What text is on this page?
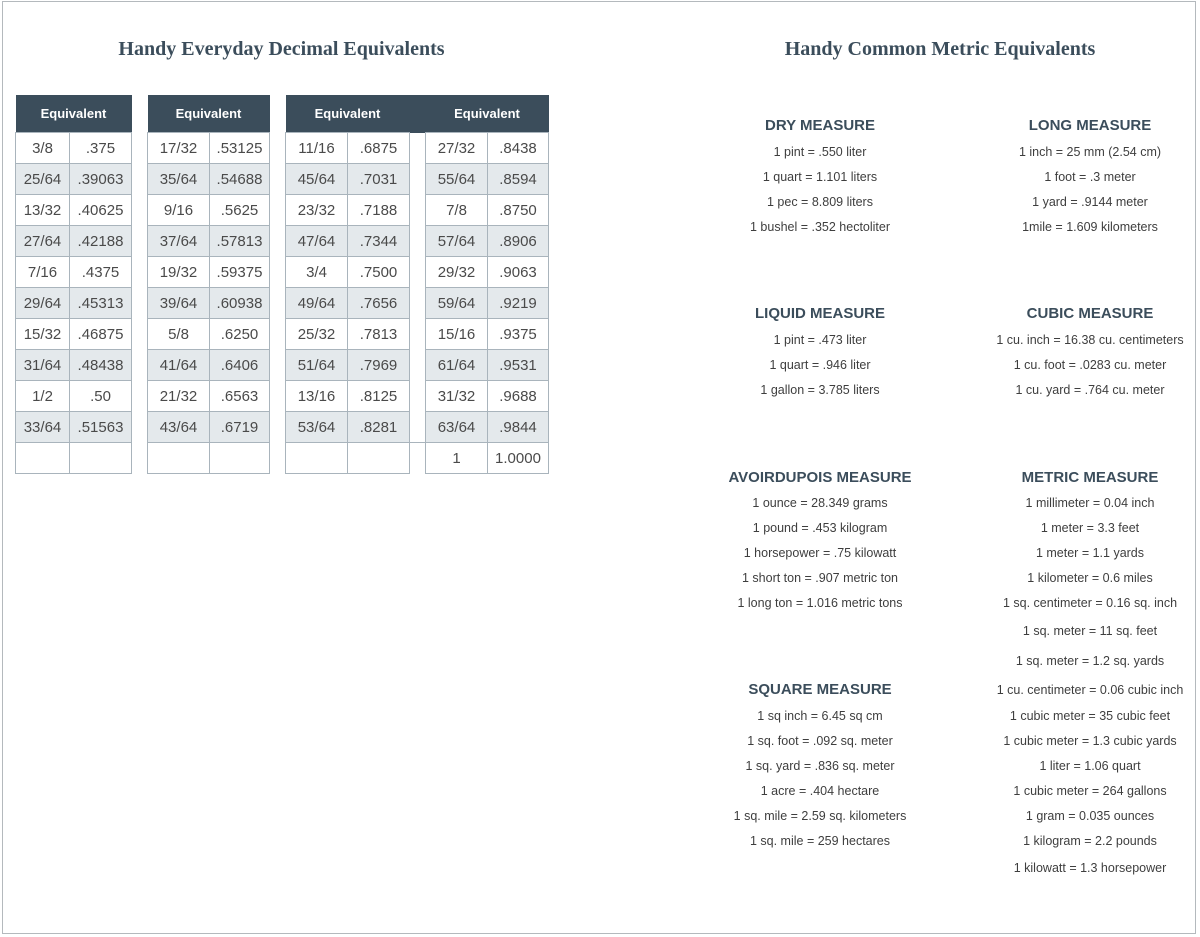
Handy Everyday Decimal Equivalents	Handy Common Metric Equivalents
Equivalent	
3/8	.375
25/64	.39063
13/32	.40625
27/64	.42188
7/16	.4375
29/64	.45313
15/32	.46875
31/64	.48438
1/2	.50
33/64	.51563

Equivalent	
17/32	.53125
35/64	.54688
9/16	.5625
37/64	.57813
19/32	.59375
39/64	.60938
5/8	.6250
41/64	.6406
21/32	.6563
43/64	.6719

Equivalent			Equivalent	
11/16	.6875		27/32	.8438
45/64	.7031		55/64	.8594
23/32	.7188		7/8	.8750
47/64	.7344		57/64	.8906
3/4	.7500		29/32	.9063
49/64	.7656		59/64	.9219
25/32	.7813		15/16	.9375
51/64	.7969		61/64	.9531
13/16	.8125		31/32	.9688
53/64	.8281		63/64	.9844
			1	1.0000
DRY MEASURE

1 pint = .550 liter

1 quart = 1.101 liters

1 pec = 8.809 liters

1 bushel = .352 hectoliter

LIQUID MEASURE

1 pint = .473 liter

1 quart = .946 liter

1 gallon = 3.785 liters

AVOIRDUPOIS MEASURE

1 ounce = 28.349 grams

1 pound = .453 kilogram

1 horsepower = .75 kilowatt

1 short ton = .907 metric ton

1 long ton = 1.016 metric tons

SQUARE MEASURE

1 sq inch = 6.45 sq cm

1 sq. foot = .092 sq. meter

1 sq. yard = .836 sq. meter

1 acre = .404 hectare

1 sq. mile = 2.59 sq. kilometers

1 sq. mile = 259 hectares

LONG MEASURE

1 inch = 25 mm (2.54 cm)

1 foot = .3 meter

1 yard = .9144 meter

1mile = 1.609 kilometers

CUBIC MEASURE

1 cu. inch = 16.38 cu. centimeters

1 cu. foot = .0283 cu. meter

1 cu. yard = .764 cu. meter

METRIC MEASURE

1 millimeter = 0.04 inch

1 meter = 3.3 feet

1 meter = 1.1 yards

1 kilometer = 0.6 miles

1 sq. centimeter = 0.16 sq. inch

1 sq. meter = 11 sq. feet

1 sq. meter = 1.2 sq. yards

1 cu. centimeter = 0.06 cubic inch

1 cubic meter = 35 cubic feet

1 cubic meter = 1.3 cubic yards

1 liter = 1.06 quart

1 cubic meter = 264 gallons

1 gram = 0.035 ounces

1 kilogram = 2.2 pounds

1 kilowatt = 1.3 horsepower
